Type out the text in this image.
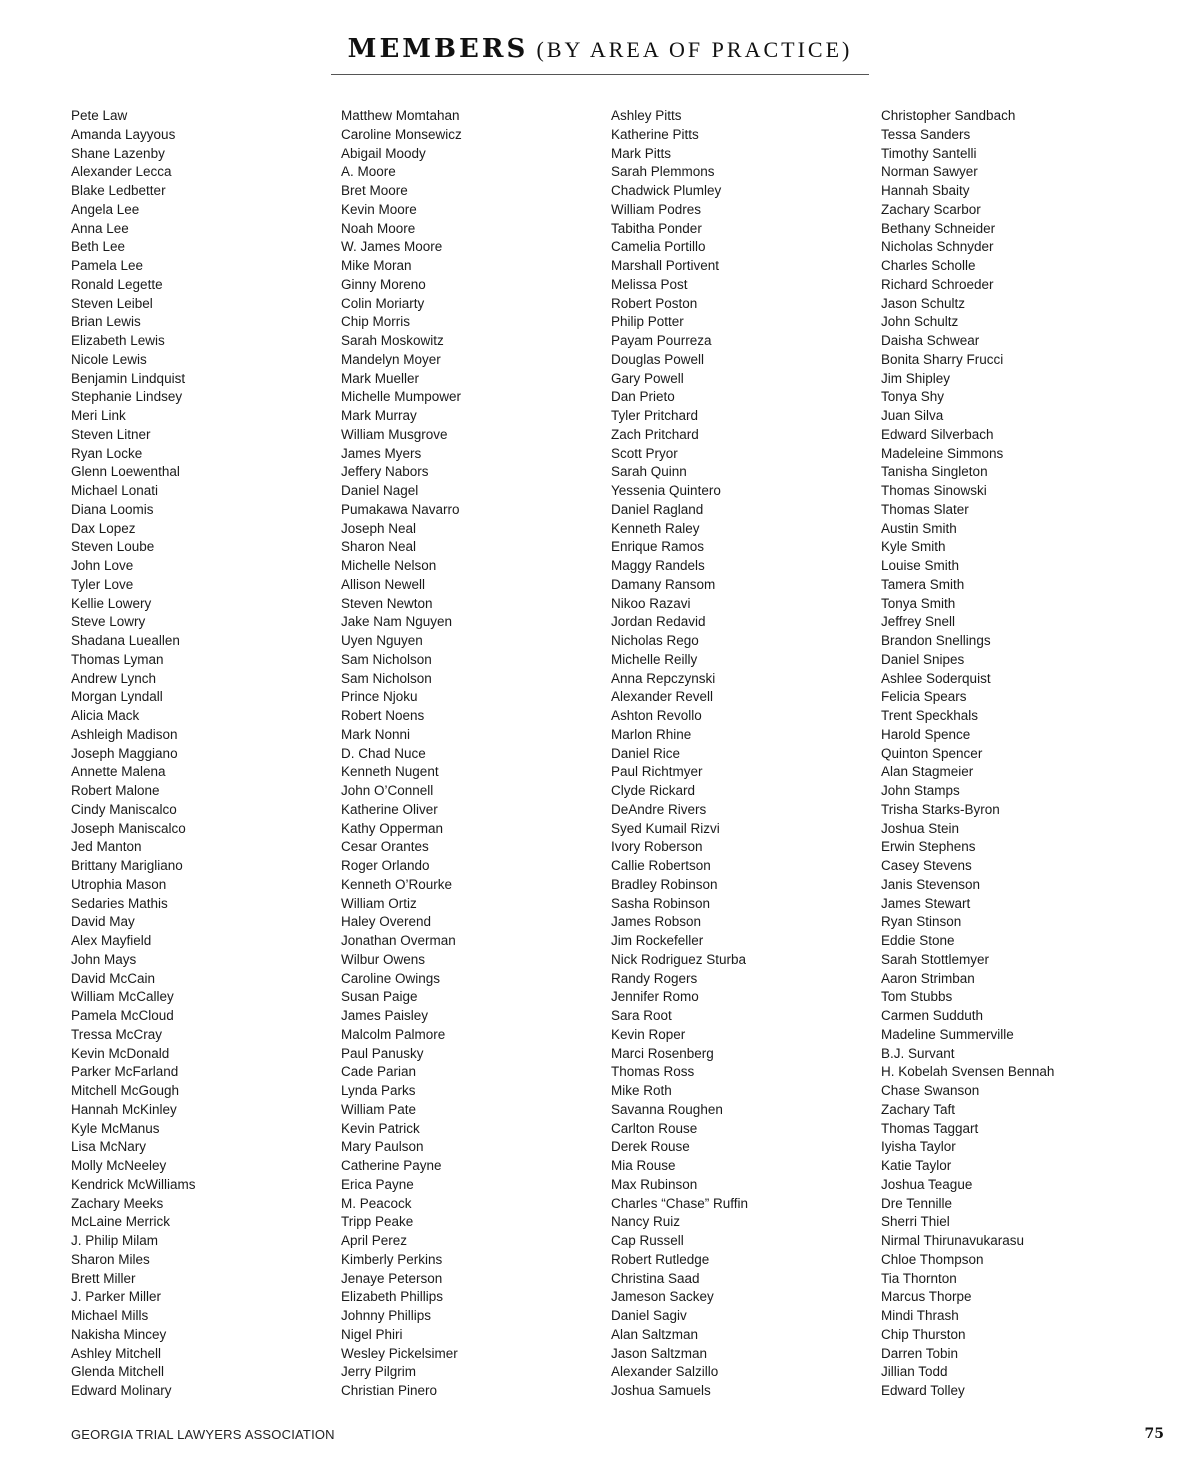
MEMBERS (BY AREA OF PRACTICE)
Pete Law
Amanda Layyous
Shane Lazenby
Alexander Lecca
Blake Ledbetter
Angela Lee
Anna Lee
Beth Lee
Pamela Lee
Ronald Legette
Steven Leibel
Brian Lewis
Elizabeth Lewis
Nicole Lewis
Benjamin Lindquist
Stephanie Lindsey
Meri Link
Steven Litner
Ryan Locke
Glenn Loewenthal
Michael Lonati
Diana Loomis
Dax Lopez
Steven Loube
John Love
Tyler Love
Kellie Lowery
Steve Lowry
Shadana Lueallen
Thomas Lyman
Andrew Lynch
Morgan Lyndall
Alicia Mack
Ashleigh Madison
Joseph Maggiano
Annette Malena
Robert Malone
Cindy Maniscalco
Joseph Maniscalco
Jed Manton
Brittany Marigliano
Utrophia Mason
Sedaries Mathis
David May
Alex Mayfield
John Mays
David McCain
William McCalley
Pamela McCloud
Tressa McCray
Kevin McDonald
Parker McFarland
Mitchell McGough
Hannah McKinley
Kyle McManus
Lisa McNary
Molly McNeeley
Kendrick McWilliams
Zachary Meeks
McLaine Merrick
J. Philip Milam
Sharon Miles
Brett Miller
J. Parker Miller
Michael Mills
Nakisha Mincey
Ashley Mitchell
Glenda Mitchell
Edward Molinary
Matthew Momtahan
Caroline Monsewicz
Abigail Moody
A. Moore
Bret Moore
Kevin Moore
Noah Moore
W. James Moore
Mike Moran
Ginny Moreno
Colin Moriarty
Chip Morris
Sarah Moskowitz
Mandelyn Moyer
Mark Mueller
Michelle Mumpower
Mark Murray
William Musgrove
James Myers
Jeffery Nabors
Daniel Nagel
Pumakawa Navarro
Joseph Neal
Sharon Neal
Michelle Nelson
Allison Newell
Steven Newton
Jake Nam Nguyen
Uyen Nguyen
Sam Nicholson
Sam Nicholson
Prince Njoku
Robert Noens
Mark Nonni
D. Chad Nuce
Kenneth Nugent
John O’Connell
Katherine Oliver
Kathy Opperman
Cesar Orantes
Roger Orlando
Kenneth O’Rourke
William Ortiz
Haley Overend
Jonathan Overman
Wilbur Owens
Caroline Owings
Susan Paige
James Paisley
Malcolm Palmore
Paul Panusky
Cade Parian
Lynda Parks
William Pate
Kevin Patrick
Mary Paulson
Catherine Payne
Erica Payne
M. Peacock
Tripp Peake
April Perez
Kimberly Perkins
Jenaye Peterson
Elizabeth Phillips
Johnny Phillips
Nigel Phiri
Wesley Pickelsimer
Jerry Pilgrim
Christian Pinero
Ashley Pitts
Katherine Pitts
Mark Pitts
Sarah Plemmons
Chadwick Plumley
William Podres
Tabitha Ponder
Camelia Portillo
Marshall Portivent
Melissa Post
Robert Poston
Philip Potter
Payam Pourreza
Douglas Powell
Gary Powell
Dan Prieto
Tyler Pritchard
Zach Pritchard
Scott Pryor
Sarah Quinn
Yessenia Quintero
Daniel Ragland
Kenneth Raley
Enrique Ramos
Maggy Randels
Damany Ransom
Nikoo Razavi
Jordan Redavid
Nicholas Rego
Michelle Reilly
Anna Repczynski
Alexander Revell
Ashton Revollo
Marlon Rhine
Daniel Rice
Paul Richtmyer
Clyde Rickard
DeAndre Rivers
Syed Kumail Rizvi
Ivory Roberson
Callie Robertson
Bradley Robinson
Sasha Robinson
James Robson
Jim Rockefeller
Nick Rodriguez Sturba
Randy Rogers
Jennifer Romo
Sara Root
Kevin Roper
Marci Rosenberg
Thomas Ross
Mike Roth
Savanna Roughen
Carlton Rouse
Derek Rouse
Mia Rouse
Max Rubinson
Charles “Chase” Ruffin
Nancy Ruiz
Cap Russell
Robert Rutledge
Christina Saad
Jameson Sackey
Daniel Sagiv
Alan Saltzman
Jason Saltzman
Alexander Salzillo
Joshua Samuels
Christopher Sandbach
Tessa Sanders
Timothy Santelli
Norman Sawyer
Hannah Sbaity
Zachary Scarbor
Bethany Schneider
Nicholas Schnyder
Charles Scholle
Richard Schroeder
Jason Schultz
John Schultz
Daisha Schwear
Bonita Sharry Frucci
Jim Shipley
Tonya Shy
Juan Silva
Edward Silverbach
Madeleine Simmons
Tanisha Singleton
Thomas Sinowski
Thomas Slater
Austin Smith
Kyle Smith
Louise Smith
Tamera Smith
Tonya Smith
Jeffrey Snell
Brandon Snellings
Daniel Snipes
Ashlee Soderquist
Felicia Spears
Trent Speckhals
Harold Spence
Quinton Spencer
Alan Stagmeier
John Stamps
Trisha Starks-Byron
Joshua Stein
Erwin Stephens
Casey Stevens
Janis Stevenson
James Stewart
Ryan Stinson
Eddie Stone
Sarah Stottlemyer
Aaron Strimban
Tom Stubbs
Carmen Sudduth
Madeline Summerville
B.J. Survant
H. Kobelah Svensen Bennah
Chase Swanson
Zachary Taft
Thomas Taggart
Iyisha Taylor
Katie Taylor
Joshua Teague
Dre Tennille
Sherri Thiel
Nirmal Thirunavukarasu
Chloe Thompson
Tia Thornton
Marcus Thorpe
Mindi Thrash
Chip Thurston
Darren Tobin
Jillian Todd
Edward Tolley
GEORGIA TRIAL LAWYERS ASSOCIATION	75
